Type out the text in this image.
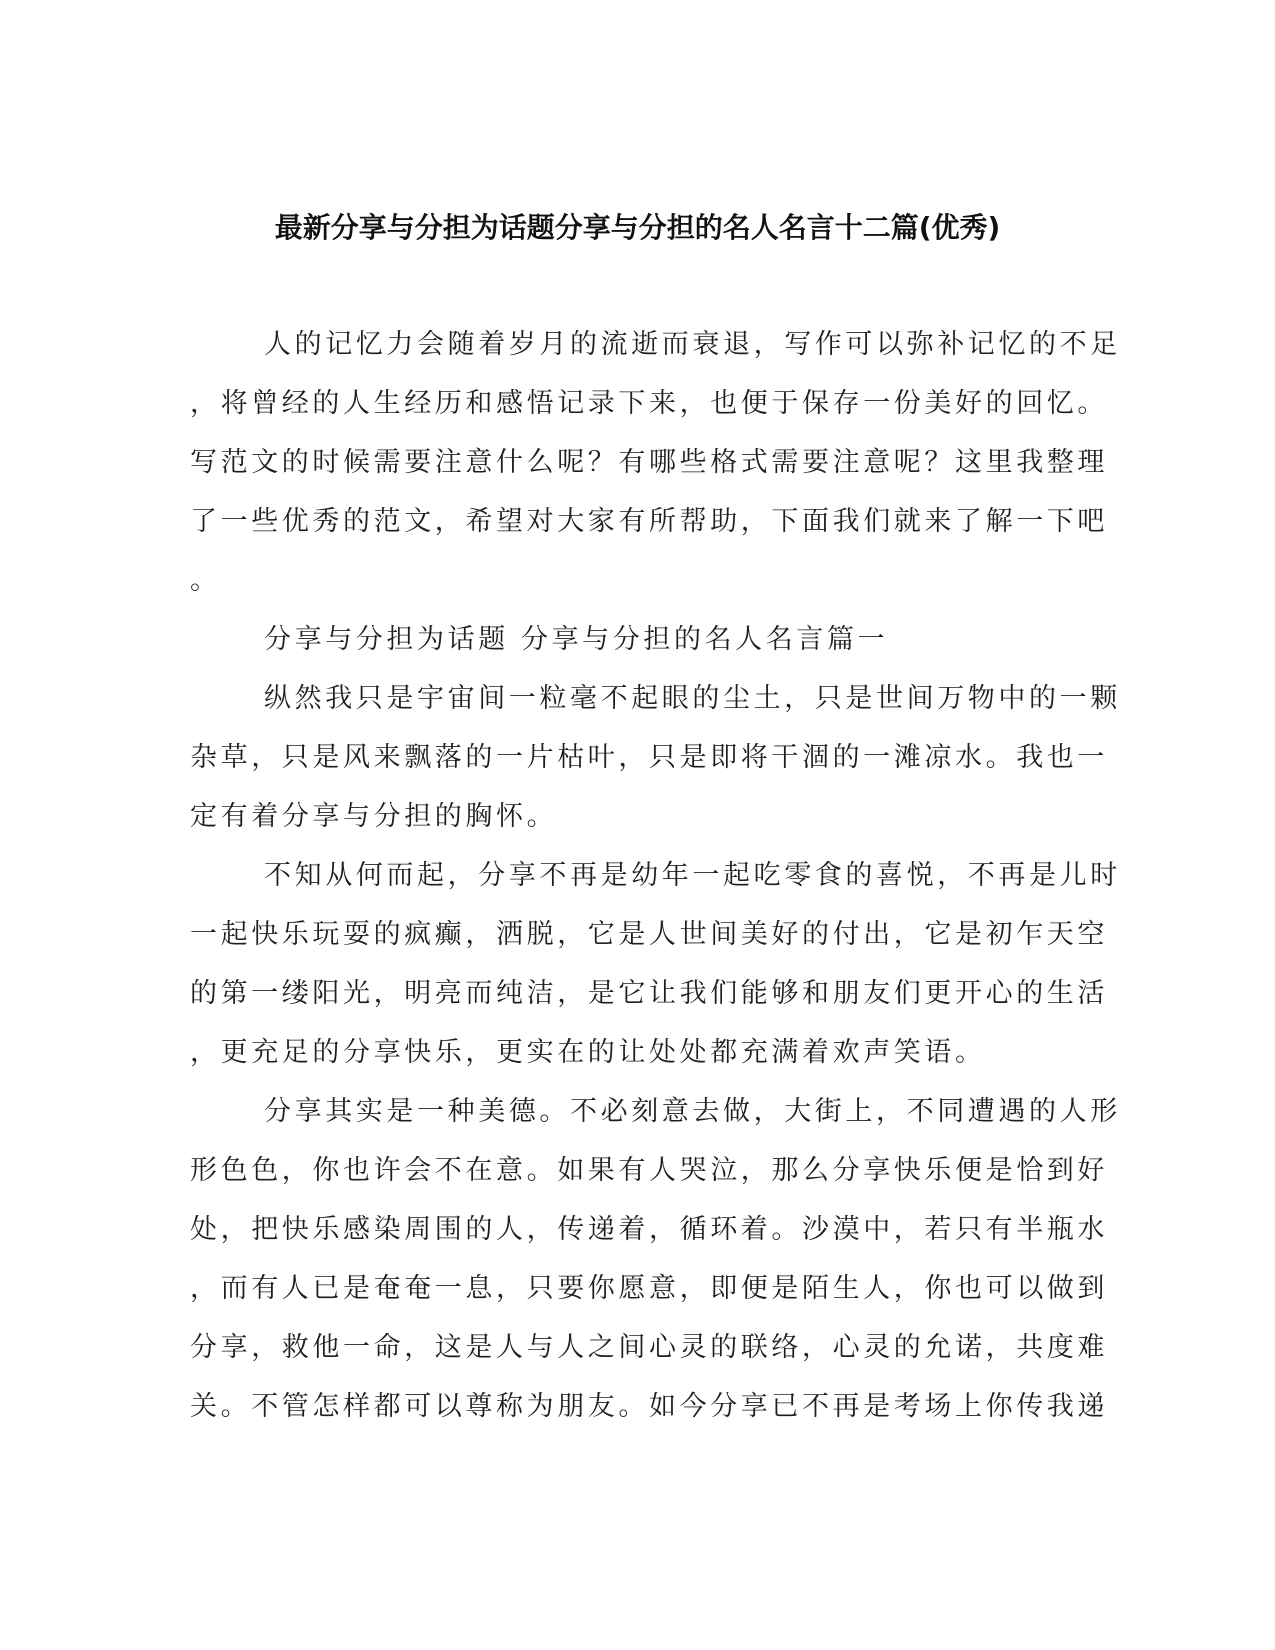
最新分享与分担为话题分享与分担的名人名言十二篇(优秀)

人的记忆力会随着岁月的流逝而衰退，写作可以弥补记忆的不足

，将曾经的人生经历和感悟记录下来，也便于保存一份美好的回忆。

写范文的时候需要注意什么呢？有哪些格式需要注意呢？这里我整理

了一些优秀的范文，希望对大家有所帮助，下面我们就来了解一下吧

。

分享与分担为话题 分享与分担的名人名言篇一

纵然我只是宇宙间一粒毫不起眼的尘土，只是世间万物中的一颗

杂草，只是风来飘落的一片枯叶，只是即将干涸的一滩凉水。我也一

定有着分享与分担的胸怀。

不知从何而起，分享不再是幼年一起吃零食的喜悦，不再是儿时

一起快乐玩耍的疯癫，洒脱，它是人世间美好的付出，它是初乍天空

的第一缕阳光，明亮而纯洁，是它让我们能够和朋友们更开心的生活

，更充足的分享快乐，更实在的让处处都充满着欢声笑语。

分享其实是一种美德。不必刻意去做，大街上，不同遭遇的人形

形色色，你也许会不在意。如果有人哭泣，那么分享快乐便是恰到好

处，把快乐感染周围的人，传递着，循环着。沙漠中，若只有半瓶水

，而有人已是奄奄一息，只要你愿意，即便是陌生人，你也可以做到

分享，救他一命，这是人与人之间心灵的联络，心灵的允诺，共度难

关。不管怎样都可以尊称为朋友。如今分享已不再是考场上你传我递
